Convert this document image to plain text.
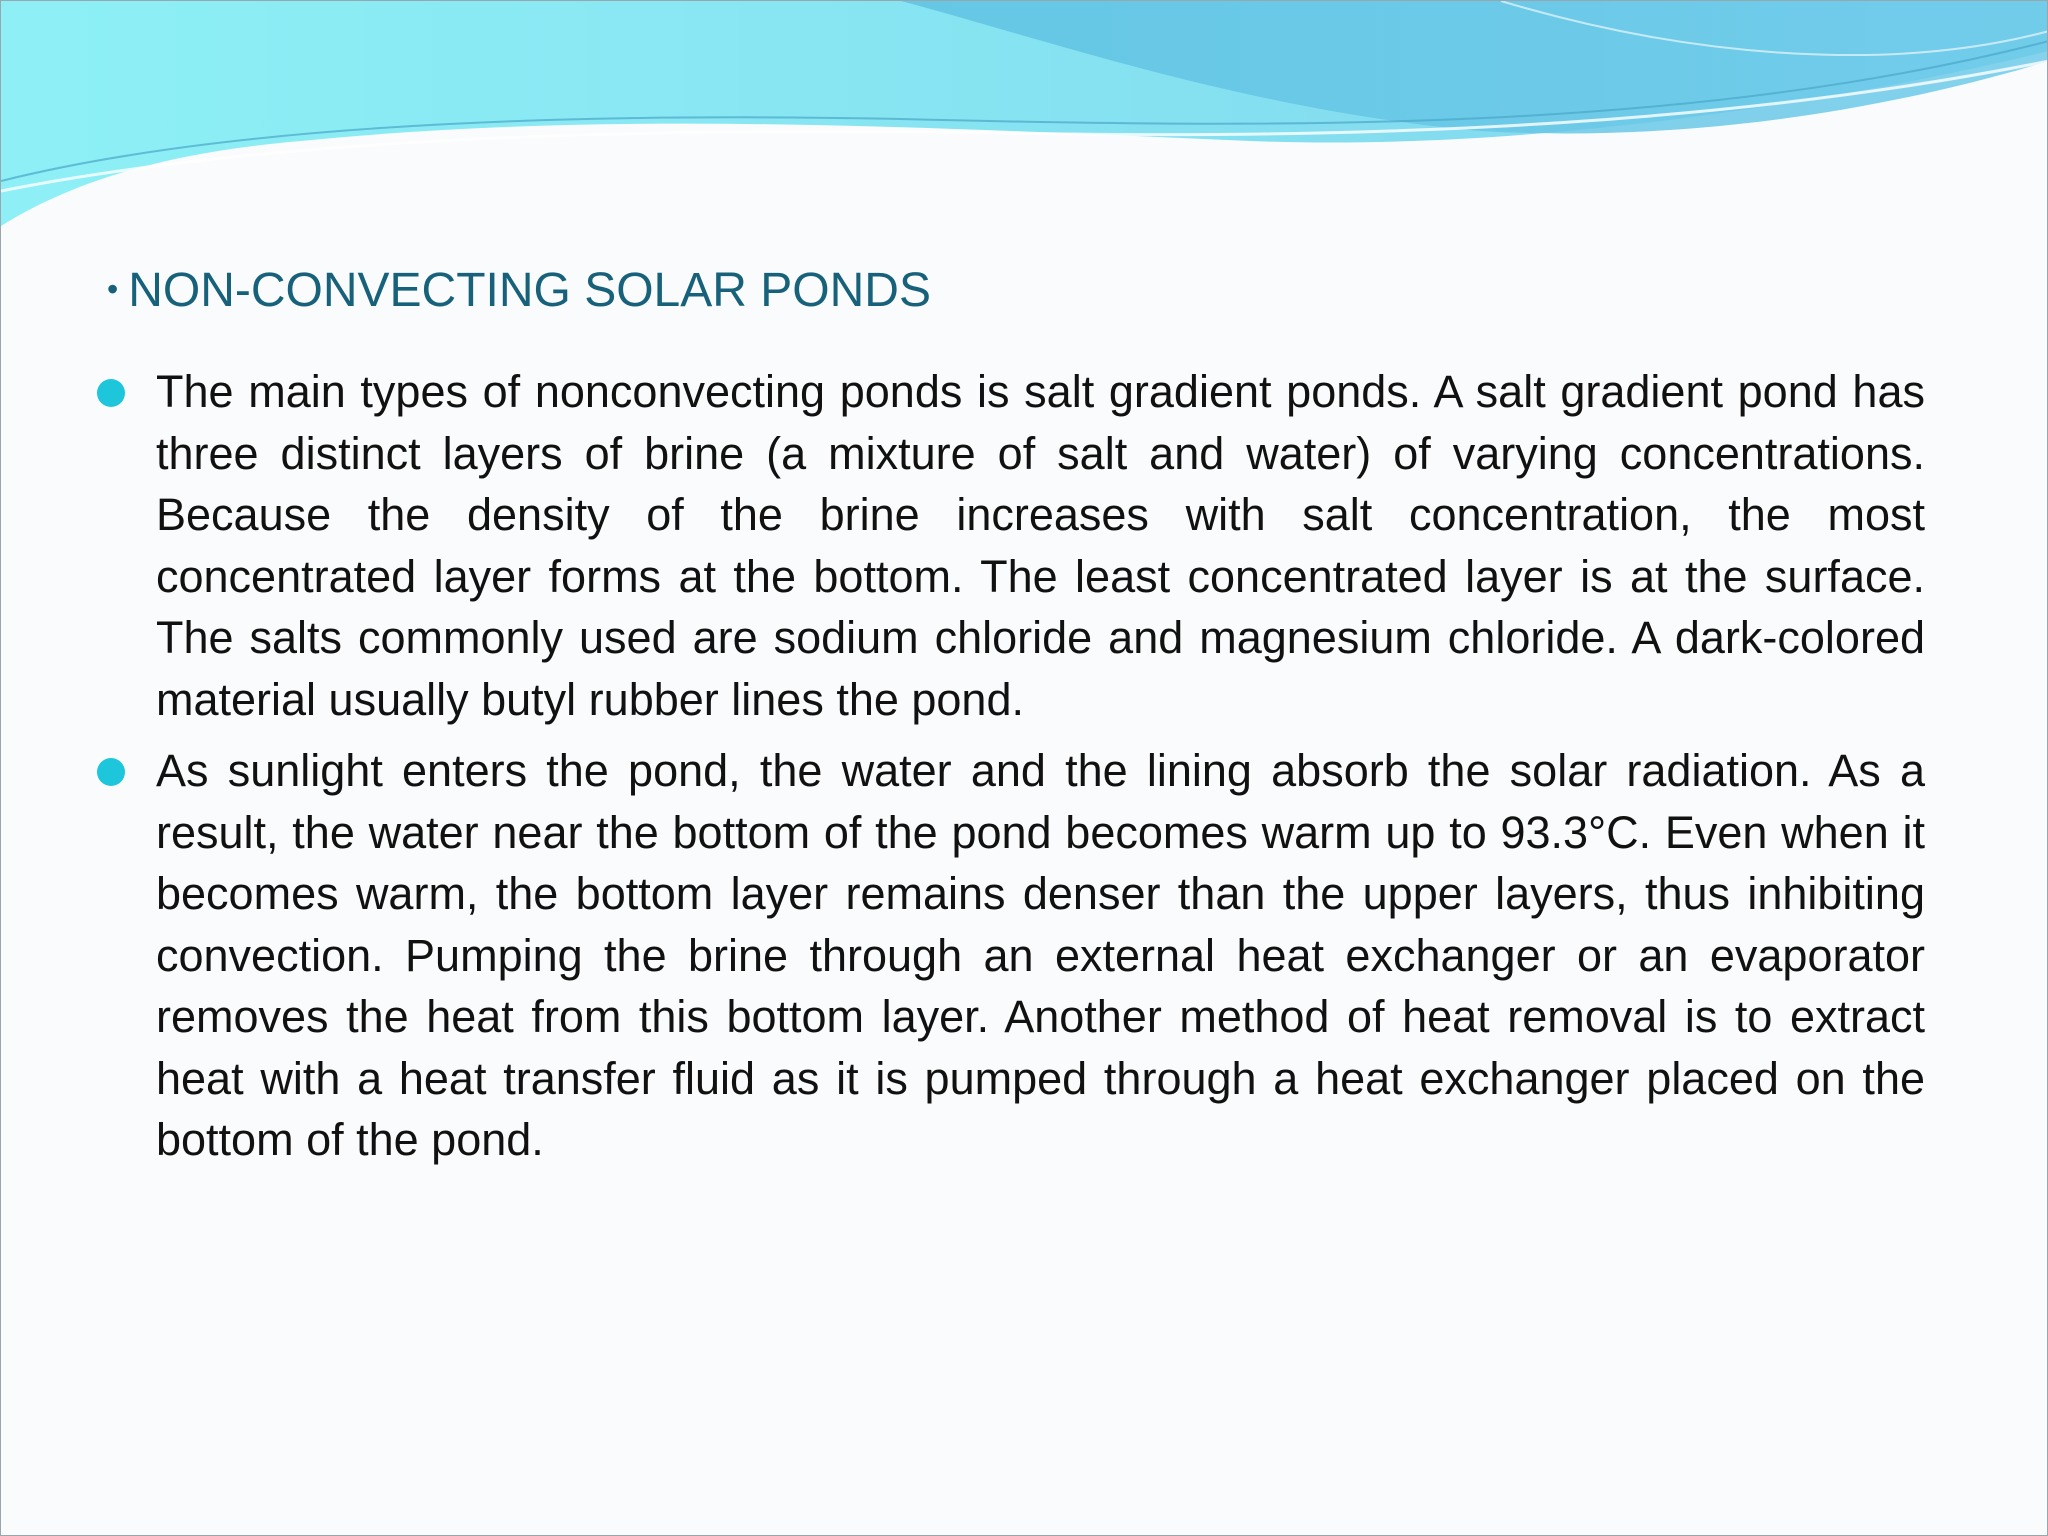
• NON-CONVECTING SOLAR PONDS

The main types of nonconvecting ponds is salt gradient ponds. A salt gradient pond has three distinct layers of brine (a mixture of salt and water) of varying concentrations. Because the density of the brine increases with salt concentration, the most concentrated layer forms at the bottom. The least concentrated layer is at the surface. The salts commonly used are sodium chloride and magnesium chloride. A dark-colored material usually butyl rubber lines the pond.

As sunlight enters the pond, the water and the lining absorb the solar radiation. As a result, the water near the bottom of the pond becomes warm up to 93.3°C. Even when it becomes warm, the bottom layer remains denser than the upper layers, thus inhibiting convection. Pumping the brine through an external heat exchanger or an evaporator removes the heat from this bottom layer. Another method of heat removal is to extract heat with a heat transfer fluid as it is pumped through a heat exchanger placed on the bottom of the pond.
